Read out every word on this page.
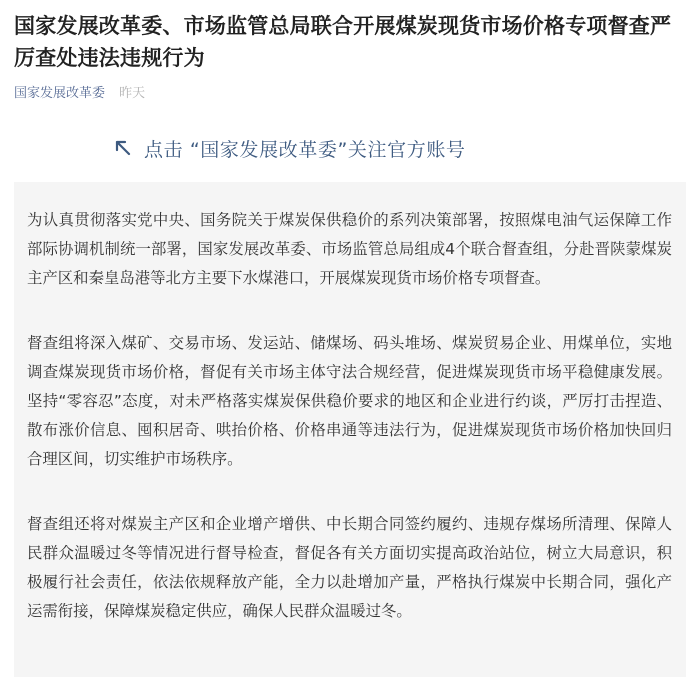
国家发展改革委、市场监管总局联合开展煤炭现货市场价格专项督查严厉查处违法违规行为
国家发展改革委 昨天
点击 “国家发展改革委”关注官方账号

为认真贯彻落实党中央、国务院关于煤炭保供稳价的系列决策部署，按照煤电油气运保障工作部际协调机制统一部署，国家发展改革委、市场监管总局组成4个联合督查组，分赴晋陕蒙煤炭主产区和秦皇岛港等北方主要下水煤港口，开展煤炭现货市场价格专项督查。

督查组将深入煤矿、交易市场、发运站、储煤场、码头堆场、煤炭贸易企业、用煤单位，实地调查煤炭现货市场价格，督促有关市场主体守法合规经营，促进煤炭现货市场平稳健康发展。坚持“零容忍”态度，对未严格落实煤炭保供稳价要求的地区和企业进行约谈，严厉打击捏造、散布涨价信息、囤积居奇、哄抬价格、价格串通等违法行为，促进煤炭现货市场价格加快回归合理区间，切实维护市场秩序。

督查组还将对煤炭主产区和企业增产增供、中长期合同签约履约、违规存煤场所清理、保障人民群众温暖过冬等情况进行督导检查，督促各有关方面切实提高政治站位，树立大局意识，积极履行社会责任，依法依规释放产能，全力以赴增加产量，严格执行煤炭中长期合同，强化产运需衔接，保障煤炭稳定供应，确保人民群众温暖过冬。
